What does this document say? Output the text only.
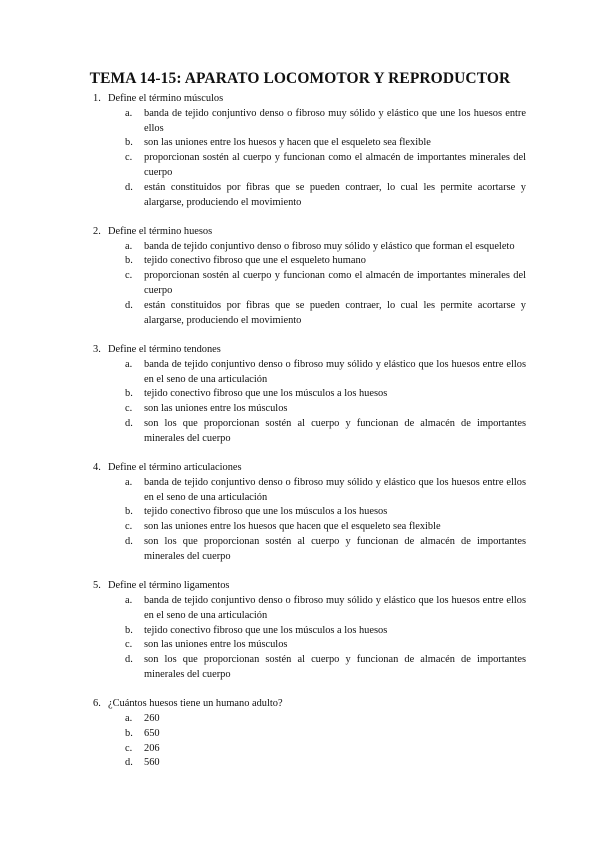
TEMA 14-15: APARATO LOCOMOTOR Y REPRODUCTOR
1. Define el término músculos
a. banda de tejido conjuntivo denso o fibroso muy sólido y elástico que une los huesos entre ellos
b. son las uniones entre los huesos y hacen que el esqueleto sea flexible
c. proporcionan sostén al cuerpo y funcionan como el almacén de importantes minerales del cuerpo
d. están constituidos por fibras que se pueden contraer, lo cual les permite acortarse y alargarse, produciendo el movimiento
2. Define el término huesos
a. banda de tejido conjuntivo denso o fibroso muy sólido y elástico que forman el esqueleto
b. tejido conectivo fibroso que une el esqueleto humano
c. proporcionan sostén al cuerpo y funcionan como el almacén de importantes minerales del cuerpo
d. están constituidos por fibras que se pueden contraer, lo cual les permite acortarse y alargarse, produciendo el movimiento
3. Define el término tendones
a. banda de tejido conjuntivo denso o fibroso muy sólido y elástico que los huesos entre ellos en el seno de una articulación
b. tejido conectivo fibroso que une los músculos a los huesos
c. son las uniones entre los músculos
d. son los que proporcionan sostén al cuerpo y funcionan de almacén de importantes minerales del cuerpo
4. Define el término articulaciones
a. banda de tejido conjuntivo denso o fibroso muy sólido y elástico que los huesos entre ellos en el seno de una articulación
b. tejido conectivo fibroso que une los músculos a los huesos
c. son las uniones entre los huesos que hacen que el esqueleto sea flexible
d. son los que proporcionan sostén al cuerpo y funcionan de almacén de importantes minerales del cuerpo
5. Define el término ligamentos
a. banda de tejido conjuntivo denso o fibroso muy sólido y elástico que los huesos entre ellos en el seno de una articulación
b. tejido conectivo fibroso que une los músculos a los huesos
c. son las uniones entre los músculos
d. son los que proporcionan sostén al cuerpo y funcionan de almacén de importantes minerales del cuerpo
6. ¿Cuántos huesos tiene un humano adulto?
a. 260
b. 650
c. 206
d. 560
